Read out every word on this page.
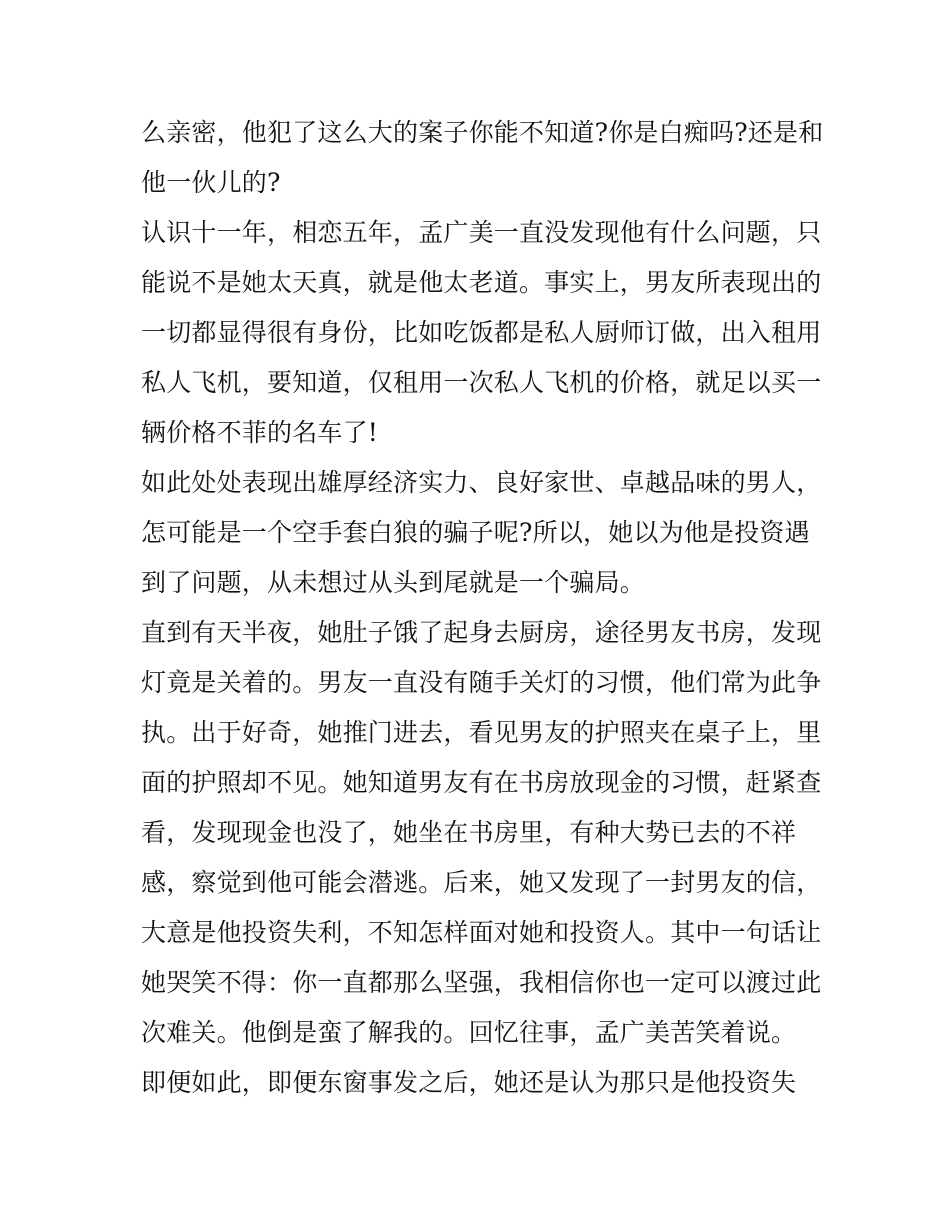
么亲密，他犯了这么大的案子你能不知道?你是白痴吗?还是和
他一伙儿的?
认识十一年，相恋五年，孟广美一直没发现他有什么问题，只
能说不是她太天真，就是他太老道。事实上，男友所表现出的
一切都显得很有身份，比如吃饭都是私人厨师订做，出入租用
私人飞机，要知道，仅租用一次私人飞机的价格，就足以买一
辆价格不菲的名车了!
如此处处表现出雄厚经济实力、良好家世、卓越品味的男人，
怎可能是一个空手套白狼的骗子呢?所以，她以为他是投资遇
到了问题，从未想过从头到尾就是一个骗局。
直到有天半夜，她肚子饿了起身去厨房，途径男友书房，发现
灯竟是关着的。男友一直没有随手关灯的习惯，他们常为此争
执。出于好奇，她推门进去，看见男友的护照夹在桌子上，里
面的护照却不见。她知道男友有在书房放现金的习惯，赶紧查
看，发现现金也没了，她坐在书房里，有种大势已去的不祥
感，察觉到他可能会潜逃。后来，她又发现了一封男友的信，
大意是他投资失利，不知怎样面对她和投资人。其中一句话让
她哭笑不得：你一直都那么坚强，我相信你也一定可以渡过此
次难关。他倒是蛮了解我的。回忆往事，孟广美苦笑着说。
即便如此，即便东窗事发之后，她还是认为那只是他投资失
